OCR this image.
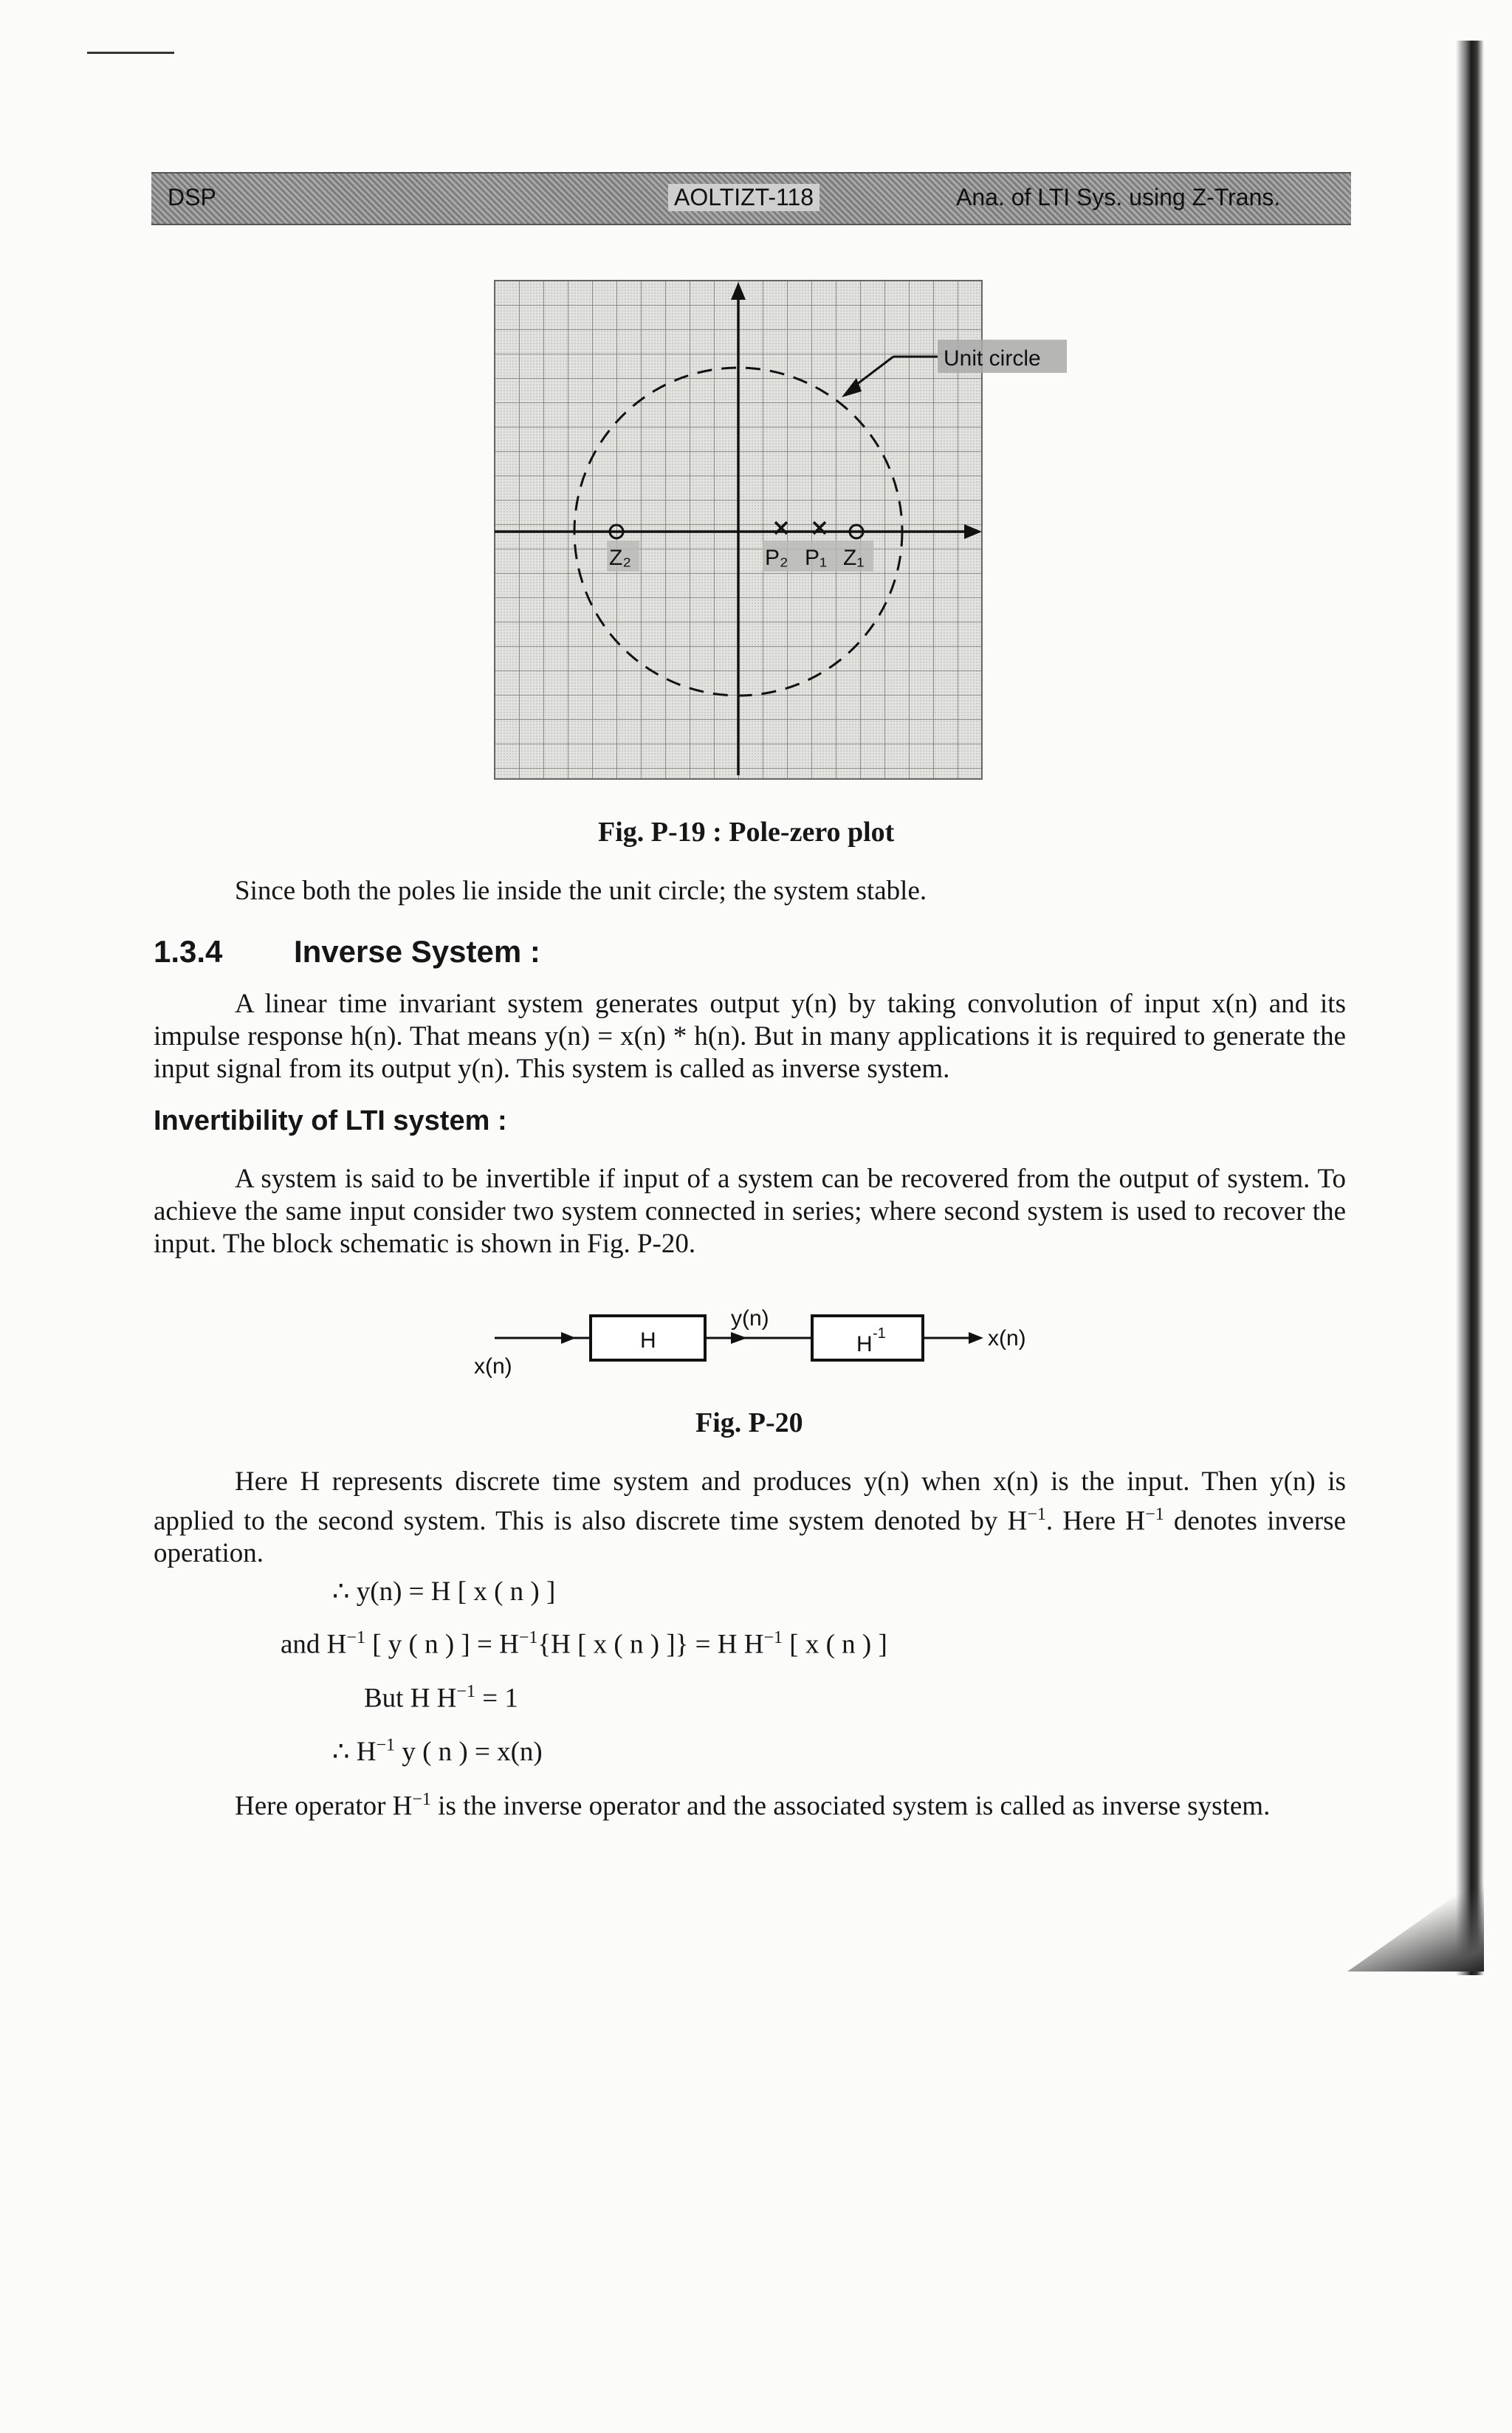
DSP	AOLTIZT-118	Ana. of LTI Sys. using Z-Trans.
Unit circle
Z₂	P₂ P₁ Z₁
Fig. P-19 : Pole-zero plot

Since both the poles lie inside the unit circle; the system stable.

1.3.4 Inverse System :

A linear time invariant system generates output y(n) by taking convolution of input x(n) and its impulse response h(n). That means y(n) = x(n) * h(n). But in many applications it is required to generate the input signal from its output y(n). This system is called as inverse system.

Invertibility of LTI system :

A system is said to be invertible if input of a system can be recovered from the output of system. To achieve the same input consider two system connected in series; where second system is used to recover the input. The block schematic is shown in Fig. P-20.

x(n)
H
y(n)
H -1	x(n)
Fig. P-20

Here H represents discrete time system and produces y(n) when x(n) is the input. Then y(n) is applied to the second system. This is also discrete time system denoted by $H^{-1}$. Here $H^{-1}$ denotes inverse operation.

∴ y(n) = H [ x ( n ) ]
and $H^{-1}$ [ y ( n ) ] = $H^{-1}\{H$ [ x ( n ) ]} = H $H^{-1}$ [ x ( n ) ]
But H $H^{-1} = 1$
∴ $H^{-1}$ y ( n ) = x(n)

Here operator $H^{-1}$ is the inverse operator and the associated system is called as inverse system.
